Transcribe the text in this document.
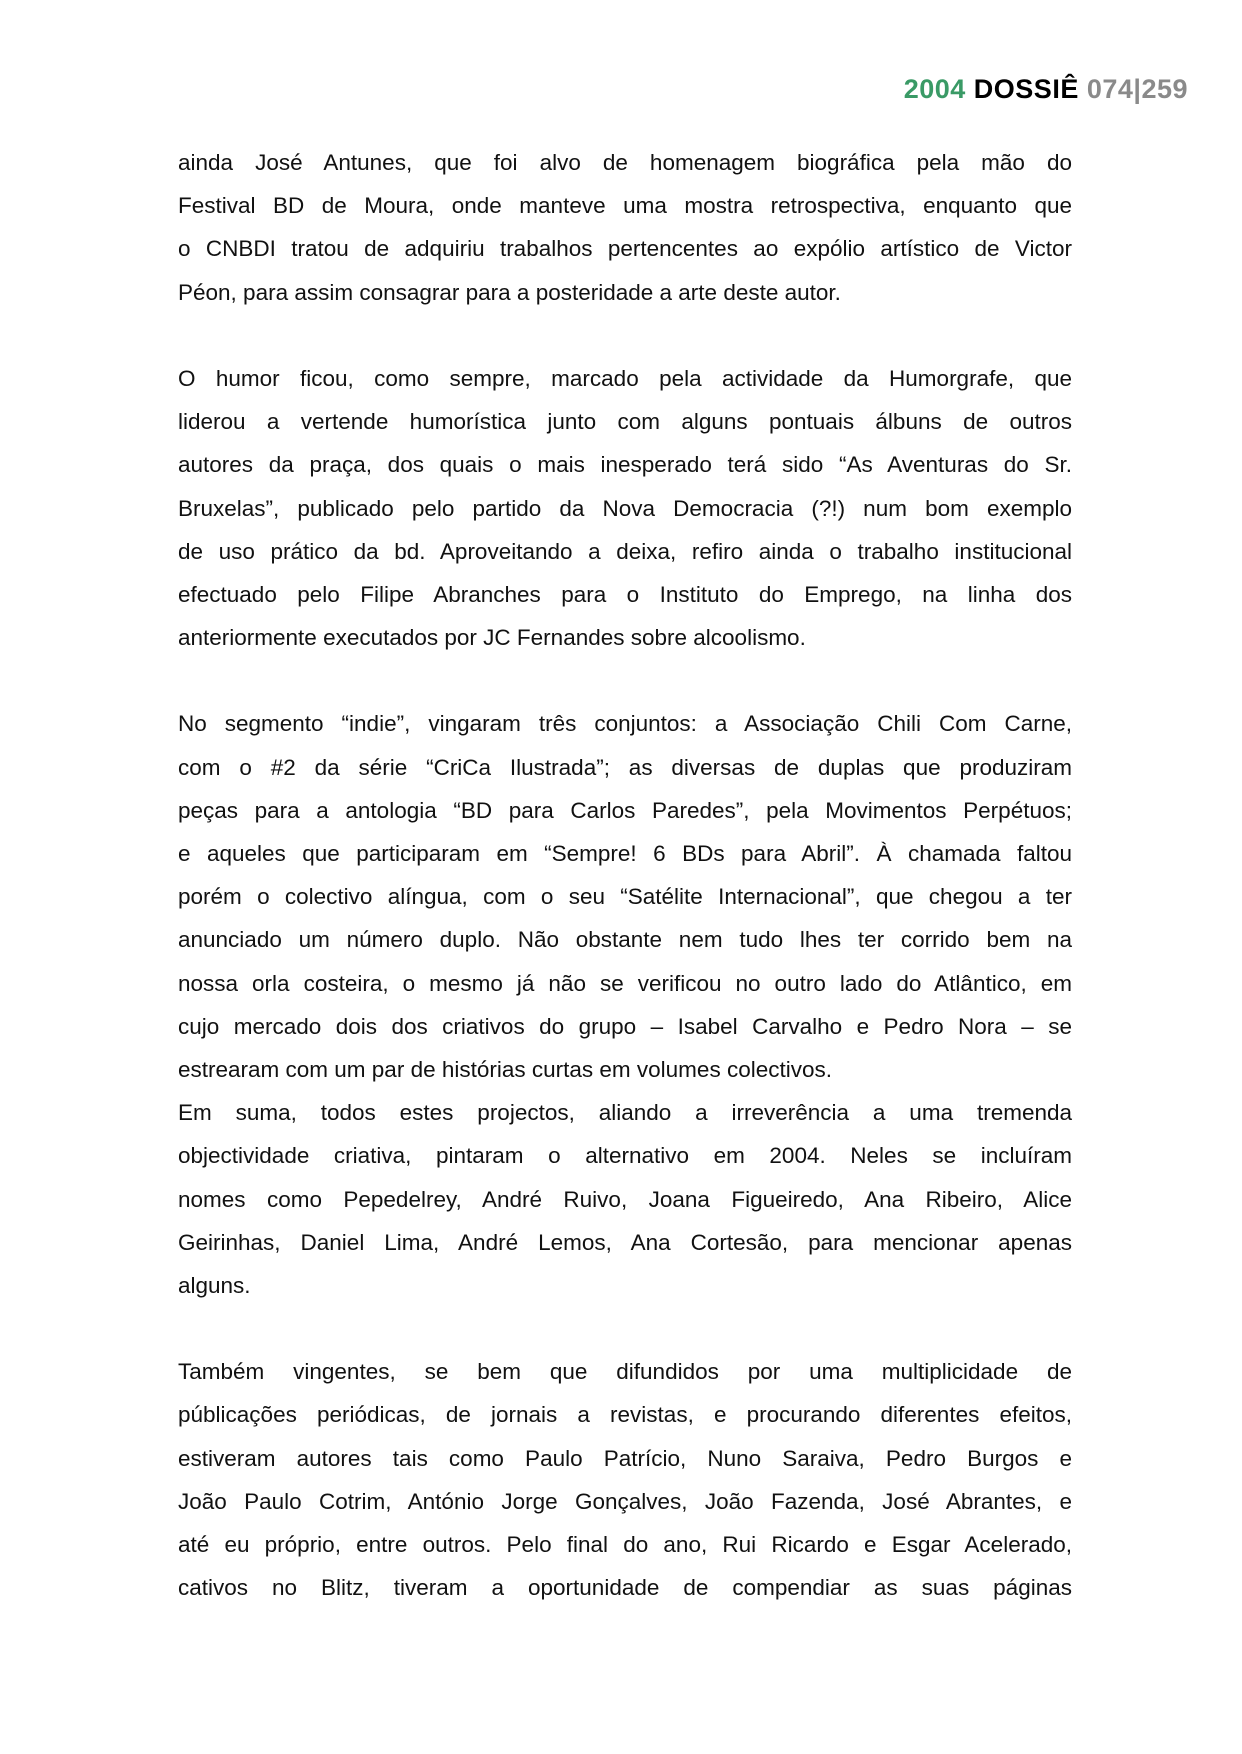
2004 DOSSIÊ 074|259
ainda José Antunes, que foi alvo de homenagem biográfica pela mão do
Festival BD de Moura, onde manteve uma mostra retrospectiva, enquanto que
o CNBDI tratou de adquiriu trabalhos pertencentes ao expólio artístico de Victor
Péon, para assim consagrar para a posteridade a arte deste autor.
O humor ficou, como sempre, marcado pela actividade da Humorgrafe, que
liderou a vertende humorística junto com alguns pontuais álbuns de outros
autores da praça, dos quais o mais inesperado terá sido “As Aventuras do Sr.
Bruxelas”, publicado pelo partido da Nova Democracia (?!) num bom exemplo
de uso prático da bd. Aproveitando a deixa, refiro ainda o trabalho institucional
efectuado pelo Filipe Abranches para o Instituto do Emprego, na linha dos
anteriormente executados por JC Fernandes sobre alcoolismo.
No segmento “indie”, vingaram três conjuntos: a Associação Chili Com Carne,
com o #2 da série “CriCa Ilustrada”; as diversas de duplas que produziram
peças para a antologia “BD para Carlos Paredes”, pela Movimentos Perpétuos;
e aqueles que participaram em “Sempre! 6 BDs para Abril”. À chamada faltou
porém o colectivo alíngua, com o seu “Satélite Internacional”, que chegou a ter
anunciado um número duplo. Não obstante nem tudo lhes ter corrido bem na
nossa orla costeira, o mesmo já não se verificou no outro lado do Atlântico, em
cujo mercado dois dos criativos do grupo – Isabel Carvalho e Pedro Nora – se
estrearam com um par de histórias curtas em volumes colectivos.
Em suma, todos estes projectos, aliando a irreverência a uma tremenda
objectividade criativa, pintaram o alternativo em 2004. Neles se incluíram
nomes como Pepedelrey, André Ruivo, Joana Figueiredo, Ana Ribeiro, Alice
Geirinhas, Daniel Lima, André Lemos, Ana Cortesão, para mencionar apenas
alguns.
Também vingentes, se bem que difundidos por uma multiplicidade de
públicações periódicas, de jornais a revistas, e procurando diferentes efeitos,
estiveram autores tais como Paulo Patrício, Nuno Saraiva, Pedro Burgos e
João Paulo Cotrim, António Jorge Gonçalves, João Fazenda, José Abrantes, e
até eu próprio, entre outros. Pelo final do ano, Rui Ricardo e Esgar Acelerado,
cativos no Blitz, tiveram a oportunidade de compendiar as suas páginas
